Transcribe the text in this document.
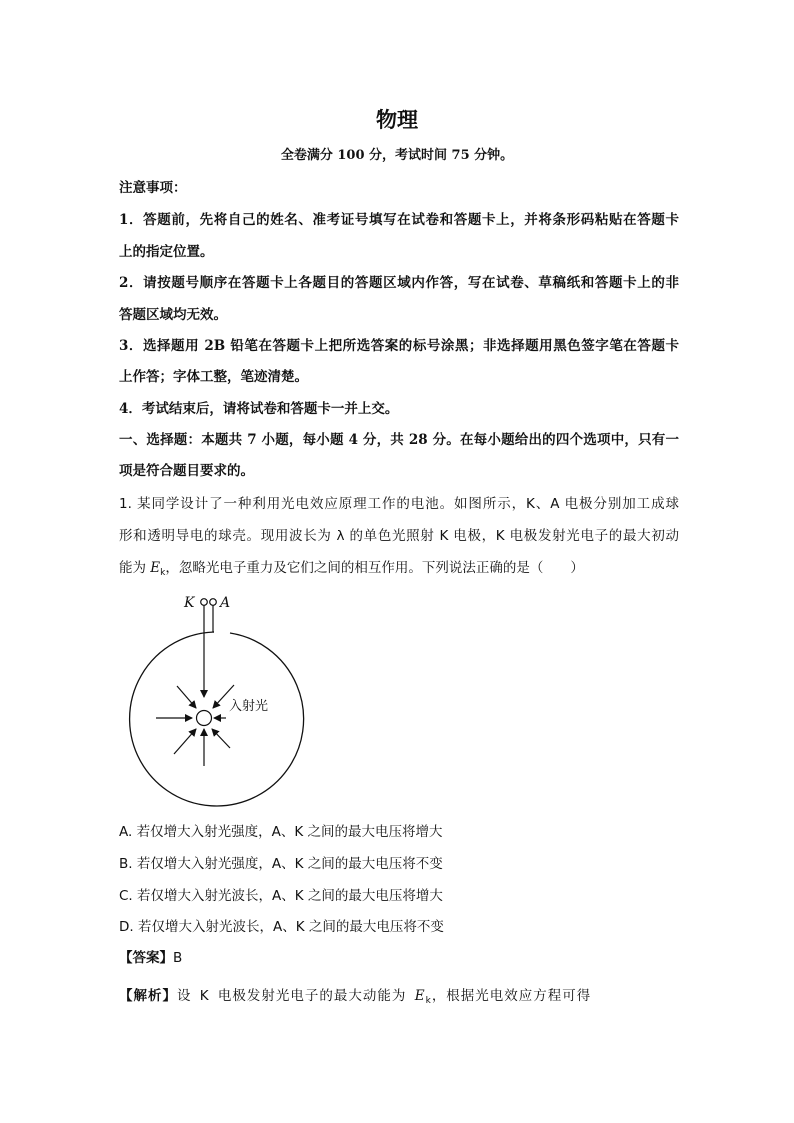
物理
全卷满分 100 分，考试时间 75 分钟。
注意事项：
1．答题前，先将自己的姓名、准考证号填写在试卷和答题卡上，并将条形码粘贴在答题卡
上的指定位置。
2．请按题号顺序在答题卡上各题目的答题区域内作答，写在试卷、草稿纸和答题卡上的非
答题区域均无效。
3．选择题用 2B 铅笔在答题卡上把所选答案的标号涂黑；非选择题用黑色签字笔在答题卡
上作答；字体工整，笔迹清楚。
4．考试结束后，请将试卷和答题卡一并上交。
一、选择题：本题共 7 小题，每小题 4 分，共 28 分。在每小题给出的四个选项中，只有一
项是符合题目要求的。
1. 某同学设计了一种利用光电效应原理工作的电池。如图所示，K、A 电极分别加工成球
形和透明导电的球壳。现用波长为 λ 的单色光照射 K 电极，K 电极发射光电子的最大初动
能为 $E_k$，忽略光电子重力及它们之间的相互作用。下列说法正确的是（　　）
K A
入射光
A. 若仅增大入射光强度，A、K 之间的最大电压将增大
B. 若仅增大入射光强度，A、K 之间的最大电压将不变
C. 若仅增大入射光波长，A、K 之间的最大电压将增大
D. 若仅增大入射光波长，A、K 之间的最大电压将不变
【答案】B
【解析】设 K 电极发射光电子的最大动能为 $E_k$，根据光电效应方程可得
